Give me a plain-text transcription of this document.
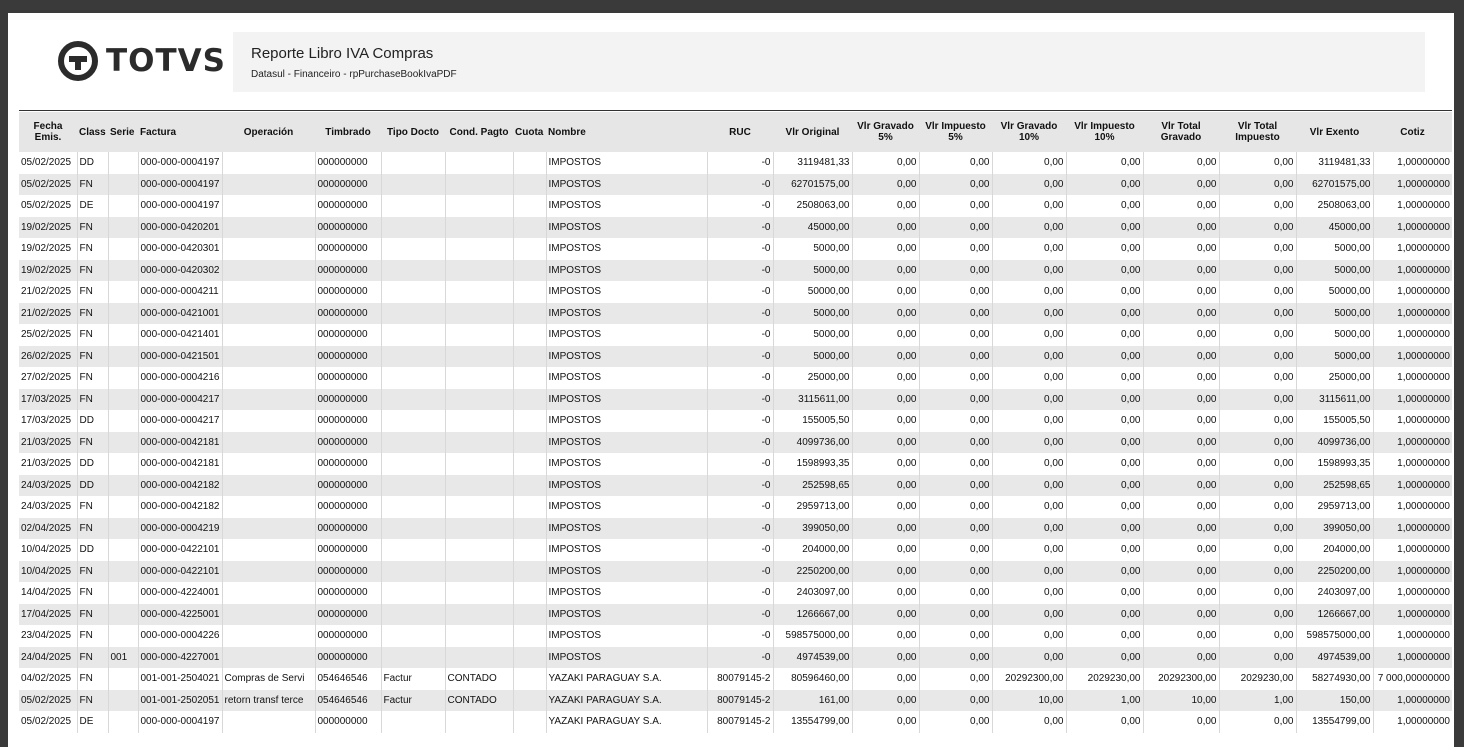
TOTVS Reporte Libro IVA Compras
Datasul - Financeiro - rpPurchaseBookIvaPDF
Fecha Emis.	Class	Serie	Factura	Operación	Timbrado	Tipo Docto	Cond. Pagto	Cuota	Nombre	RUC	Vlr Original	Vlr Gravado 5%	Vlr Impuesto 5%	Vlr Gravado 10%	Vlr Impuesto 10%	Vlr Total Gravado	Vlr Total Impuesto	Vlr Exento	Cotiz
05/02/2025	DD		000-000-0004197		000000000				IMPOSTOS	-0	3119481,33	0,00	0,00	0,00	0,00	0,00	0,00	3119481,33	1,00000000
05/02/2025	FN		000-000-0004197		000000000				IMPOSTOS	-0	62701575,00	0,00	0,00	0,00	0,00	0,00	0,00	62701575,00	1,00000000
05/02/2025	DE		000-000-0004197		000000000				IMPOSTOS	-0	2508063,00	0,00	0,00	0,00	0,00	0,00	0,00	2508063,00	1,00000000
19/02/2025	FN		000-000-0420201		000000000				IMPOSTOS	-0	45000,00	0,00	0,00	0,00	0,00	0,00	0,00	45000,00	1,00000000
19/02/2025	FN		000-000-0420301		000000000				IMPOSTOS	-0	5000,00	0,00	0,00	0,00	0,00	0,00	0,00	5000,00	1,00000000
19/02/2025	FN		000-000-0420302		000000000				IMPOSTOS	-0	5000,00	0,00	0,00	0,00	0,00	0,00	0,00	5000,00	1,00000000
21/02/2025	FN		000-000-0004211		000000000				IMPOSTOS	-0	50000,00	0,00	0,00	0,00	0,00	0,00	0,00	50000,00	1,00000000
21/02/2025	FN		000-000-0421001		000000000				IMPOSTOS	-0	5000,00	0,00	0,00	0,00	0,00	0,00	0,00	5000,00	1,00000000
25/02/2025	FN		000-000-0421401		000000000				IMPOSTOS	-0	5000,00	0,00	0,00	0,00	0,00	0,00	0,00	5000,00	1,00000000
26/02/2025	FN		000-000-0421501		000000000				IMPOSTOS	-0	5000,00	0,00	0,00	0,00	0,00	0,00	0,00	5000,00	1,00000000
27/02/2025	FN		000-000-0004216		000000000				IMPOSTOS	-0	25000,00	0,00	0,00	0,00	0,00	0,00	0,00	25000,00	1,00000000
17/03/2025	FN		000-000-0004217		000000000				IMPOSTOS	-0	3115611,00	0,00	0,00	0,00	0,00	0,00	0,00	3115611,00	1,00000000
17/03/2025	DD		000-000-0004217		000000000				IMPOSTOS	-0	155005,50	0,00	0,00	0,00	0,00	0,00	0,00	155005,50	1,00000000
21/03/2025	FN		000-000-0042181		000000000				IMPOSTOS	-0	4099736,00	0,00	0,00	0,00	0,00	0,00	0,00	4099736,00	1,00000000
21/03/2025	DD		000-000-0042181		000000000				IMPOSTOS	-0	1598993,35	0,00	0,00	0,00	0,00	0,00	0,00	1598993,35	1,00000000
24/03/2025	DD		000-000-0042182		000000000				IMPOSTOS	-0	252598,65	0,00	0,00	0,00	0,00	0,00	0,00	252598,65	1,00000000
24/03/2025	FN		000-000-0042182		000000000				IMPOSTOS	-0	2959713,00	0,00	0,00	0,00	0,00	0,00	0,00	2959713,00	1,00000000
02/04/2025	FN		000-000-0004219		000000000				IMPOSTOS	-0	399050,00	0,00	0,00	0,00	0,00	0,00	0,00	399050,00	1,00000000
10/04/2025	DD		000-000-0422101		000000000				IMPOSTOS	-0	204000,00	0,00	0,00	0,00	0,00	0,00	0,00	204000,00	1,00000000
10/04/2025	FN		000-000-0422101		000000000				IMPOSTOS	-0	2250200,00	0,00	0,00	0,00	0,00	0,00	0,00	2250200,00	1,00000000
14/04/2025	FN		000-000-4224001		000000000				IMPOSTOS	-0	2403097,00	0,00	0,00	0,00	0,00	0,00	0,00	2403097,00	1,00000000
17/04/2025	FN		000-000-4225001		000000000				IMPOSTOS	-0	1266667,00	0,00	0,00	0,00	0,00	0,00	0,00	1266667,00	1,00000000
23/04/2025	FN		000-000-0004226		000000000				IMPOSTOS	-0	598575000,00	0,00	0,00	0,00	0,00	0,00	0,00	598575000,00	1,00000000
24/04/2025	FN	001	000-000-4227001		000000000				IMPOSTOS	-0	4974539,00	0,00	0,00	0,00	0,00	0,00	0,00	4974539,00	1,00000000
04/02/2025	FN		001-001-2504021	Compras de Servi	054646546	Factur	CONTADO		YAZAKI PARAGUAY S.A.	80079145-2	80596460,00	0,00	0,00	20292300,00	2029230,00	20292300,00	2029230,00	58274930,00	7 000,00000000
05/02/2025	FN		001-001-2502051	retorn transf terce	054646546	Factur	CONTADO		YAZAKI PARAGUAY S.A.	80079145-2	161,00	0,00	0,00	10,00	1,00	10,00	1,00	150,00	1,00000000
05/02/2025	DE		000-000-0004197		000000000				YAZAKI PARAGUAY S.A.	80079145-2	13554799,00	0,00	0,00	0,00	0,00	0,00	0,00	13554799,00	1,00000000
